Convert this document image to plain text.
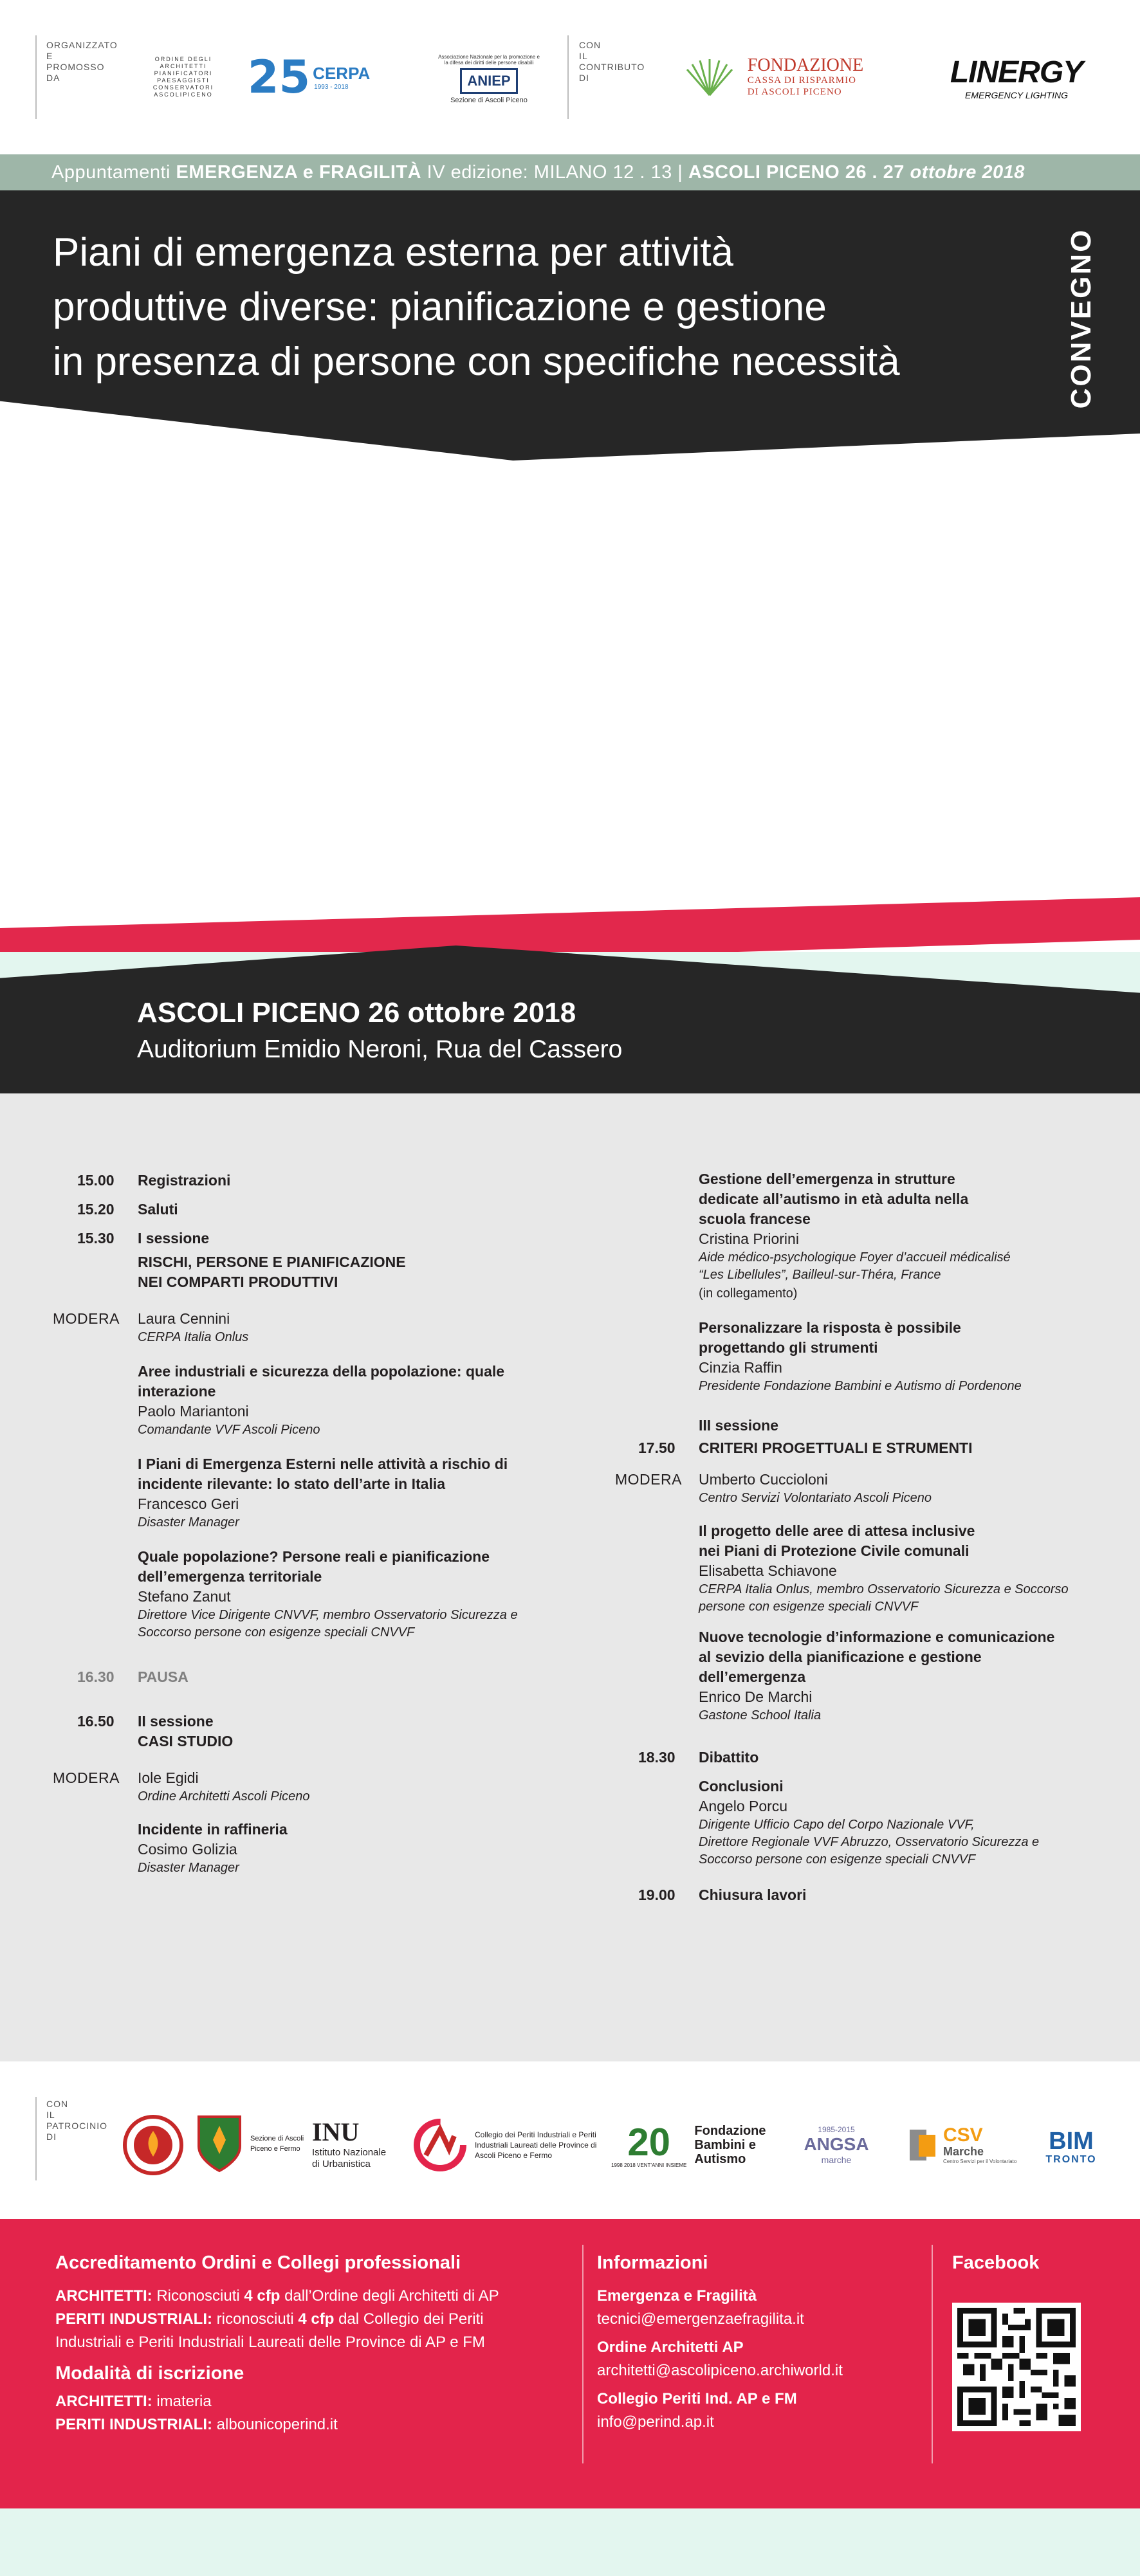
ORGANIZZATO
E
PROMOSSO
DA
ORDINE DEGLI ARCHITETTI PIANIFICATORI PAESAGGISTI CONSERVATORI ASCOLIPICENO 25 CERPA
1993 - 2018
Associazione Nazionale per la promozione e la difesa dei diritti delle persone disabili
ANIEP
Sezione di Ascoli Piceno
CON
IL
CONTRIBUTO
DI
FONDAZIONE
CASSA DI RISPARMIO
DI ASCOLI PICENO
LINERGY
EMERGENCY LIGHTING
Appuntamenti EMERGENZA e FRAGILITÀ IV edizione: MILANO 12 . 13 | ASCOLI PICENO 26 . 27 ottobre 2018
Piani di emergenza esterna per attività
produttive diverse: pianificazione e gestione
in presenza di persone con specifiche necessità	CONVEGNO
ASCOLI PICENO 26 ottobre 2018
Auditorium Emidio Neroni, Rua del Cassero
15.00	Registrazioni
15.20	Saluti
15.30	I sessione
RISCHI, PERSONE E PIANIFICAZIONE
NEI COMPARTI PRODUTTIVI
MODERA Laura Cennini
CERPA Italia Onlus
Aree industriali e sicurezza della popolazione: quale
interazione
Paolo Mariantoni
Comandante VVF Ascoli Piceno
I Piani di Emergenza Esterni nelle attività a rischio di
incidente rilevante: lo stato dell’arte in Italia
Francesco Geri
Disaster Manager
Quale popolazione? Persone reali e pianificazione
dell’emergenza territoriale
Stefano Zanut
Direttore Vice Dirigente CNVVF, membro Osservatorio Sicurezza e
Soccorso persone con esigenze speciali CNVVF
16.30	PAUSA
16.50	II sessione
CASI STUDIO
MODERA Iole Egidi
Ordine Architetti Ascoli Piceno
Incidente in raffineria
Cosimo Golizia
Disaster Manager
Gestione dell’emergenza in strutture
dedicate all’autismo in età adulta nella
scuola francese
Cristina Priorini
Aide médico-psychologique Foyer d’accueil médicalisé
“Les Libellules”, Bailleul-sur-Théra, France
(in collegamento)
Personalizzare la risposta è possibile
progettando gli strumenti
Cinzia Raffin
Presidente Fondazione Bambini e Autismo di Pordenone
III sessione
17.50	CRITERI PROGETTUALI E STRUMENTI
MODERA Umberto Cuccioloni
Centro Servizi Volontariato Ascoli Piceno
Il progetto delle aree di attesa inclusive
nei Piani di Protezione Civile comunali
Elisabetta Schiavone
CERPA Italia Onlus, membro Osservatorio Sicurezza e Soccorso
persone con esigenze speciali CNVVF
Nuove tecnologie d’informazione e comunicazione
al sevizio della pianificazione e gestione
dell’emergenza
Enrico De Marchi
Gastone School Italia
18.30	Dibattito
Conclusioni
Angelo Porcu
Dirigente Ufficio Capo del Corpo Nazionale VVF,
Direttore Regionale VVF Abruzzo, Osservatorio Sicurezza e
Soccorso persone con esigenze speciali CNVVF
19.00	Chiusura lavori
CON
IL
PATROCINIO
DI	Sezione di Ascoli Piceno e Fermo
INU
Istituto Nazionale di Urbanistica
Collegio dei Periti Industriali e Periti Industriali Laureati delle Province di Ascoli Piceno e Fermo	20
1998 2018 VENT’ANNI INSIEME
Fondazione Bambini e Autismo
1985-2015
ANGSA
marche
CSV
Marche
Centro Servizi per il Volontariato
BIM
TRONTO
Accreditamento Ordini e Collegi professionali
ARCHITETTI: Riconosciuti 4 cfp dall’Ordine degli Architetti di AP
PERITI INDUSTRIALI: riconosciuti 4 cfp dal Collegio dei Periti
Industriali e Periti Industriali Laureati delle Province di AP e FM
Modalità di iscrizione
ARCHITETTI: imateria
PERITI INDUSTRIALI: albounicoperind.it
Informazioni
Emergenza e Fragilità
tecnici@emergenzaefragilita.it
Ordine Architetti AP
architetti@ascolipiceno.archiworld.it
Collegio Periti Ind. AP e FM
info@perind.ap.it
Facebook
